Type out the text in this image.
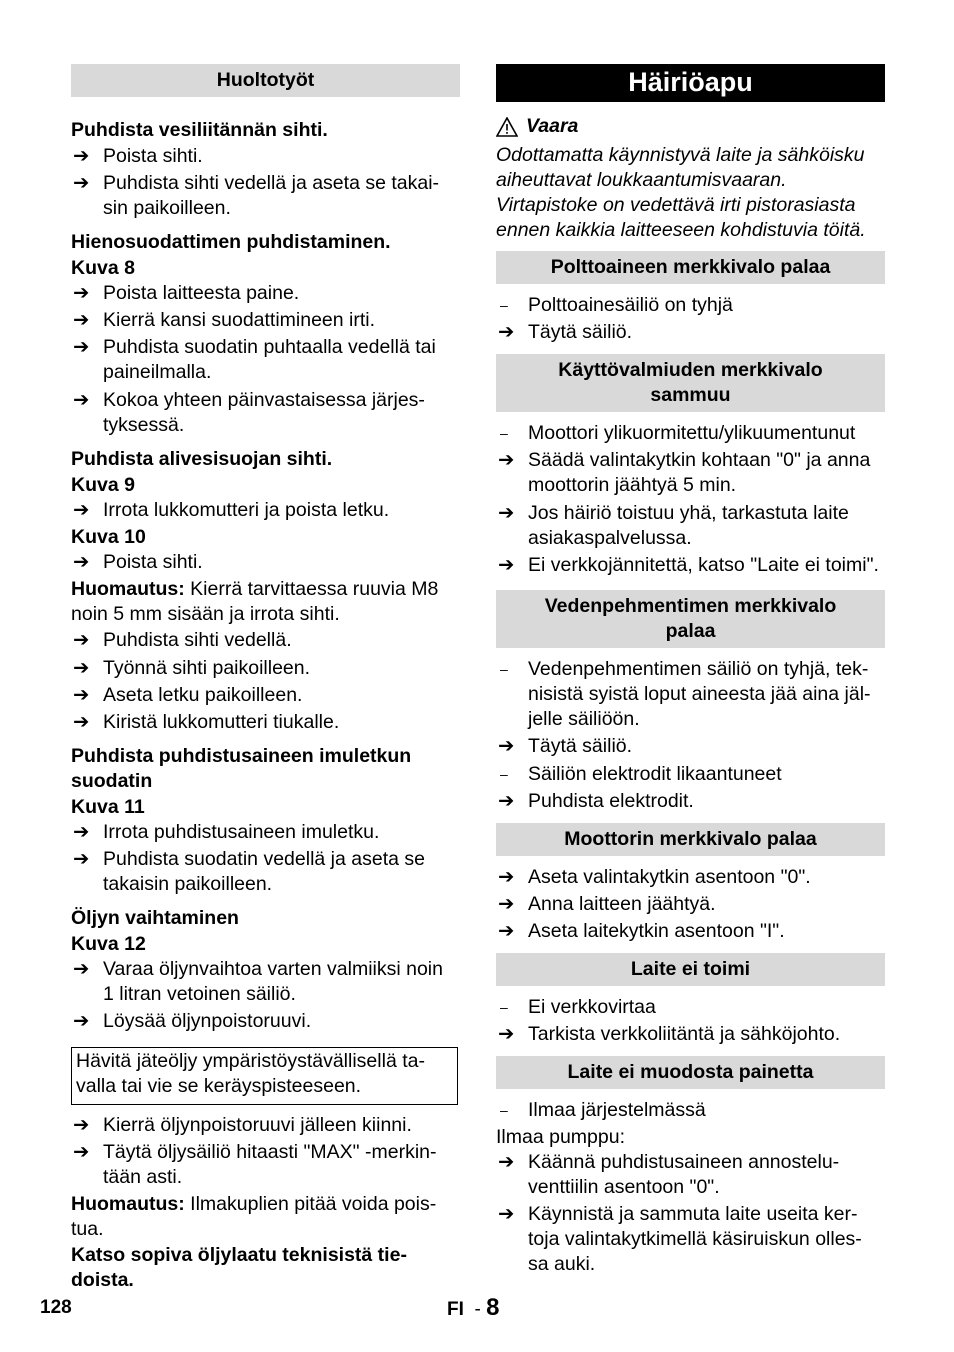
Huoltotyöt
Puhdista vesiliitännän sihti.
➔ Poista sihti.
➔ Puhdista sihti vedellä ja aseta se takai-
sin paikoilleen.
Hienosuodattimen puhdistaminen.
Kuva 8
➔ Poista laitteesta paine.
➔ Kierrä kansi suodattimineen irti.
➔ Puhdista suodatin puhtaalla vedellä tai
paineilmalla.
➔ Kokoa yhteen päinvastaisessa järjes-
tyksessä.
Puhdista alivesisuojan sihti.
Kuva 9
➔ Irrota lukkomutteri ja poista letku.
Kuva 10
➔ Poista sihti.
Huomautus: Kierrä tarvittaessa ruuvia M8
noin 5 mm sisään ja irrota sihti.
➔ Puhdista sihti vedellä.
➔ Työnnä sihti paikoilleen.
➔ Aseta letku paikoilleen.
➔ Kiristä lukkomutteri tiukalle.
Puhdista puhdistusaineen imuletkun
suodatin
Kuva 11
➔ Irrota puhdistusaineen imuletku.
➔ Puhdista suodatin vedellä ja aseta se
takaisin paikoilleen.
Öljyn vaihtaminen
Kuva 12
➔ Varaa öljynvaihtoa varten valmiiksi noin
1 litran vetoinen säiliö.
➔ Löysää öljynpoistoruuvi.
Hävitä jäteöljy ympäristöystävällisellä ta-
valla tai vie se keräyspisteeseen.
➔ Kierrä öljynpoistoruuvi jälleen kiinni.
➔ Täytä öljysäiliö hitaasti "MAX" -merkin-
tään asti.
Huomautus: Ilmakuplien pitää voida pois-
tua.
Katso sopiva öljylaatu teknisistä tie-
doista.
Häiriöapu
Vaara
Odottamatta käynnistyvä laite ja sähköisku
aiheuttavat loukkaantumisvaaran.
Virtapistoke on vedettävä irti pistorasiasta
ennen kaikkia laitteeseen kohdistuvia töitä.
Polttoaineen merkkivalo palaa
–	Polttoainesäiliö on tyhjä
➔ Täytä säiliö.
Käyttövalmiuden merkkivalo
sammuu
–	Moottori ylikuormitettu/ylikuumentunut
➔ Säädä valintakytkin kohtaan "0" ja anna
moottorin jäähtyä 5 min.
➔ Jos häiriö toistuu yhä, tarkastuta laite
asiakaspalvelussa.
➔ Ei verkkojännitettä, katso "Laite ei toimi".
Vedenpehmentimen merkkivalo
palaa
–	Vedenpehmentimen säiliö on tyhjä, tek-
nisistä syistä loput aineesta jää aina jäl-
jelle säiliöön.
➔ Täytä säiliö.
–	Säiliön elektrodit likaantuneet
➔ Puhdista elektrodit.
Moottorin merkkivalo palaa
➔ Aseta valintakytkin asentoon "0".
➔ Anna laitteen jäähtyä.
➔ Aseta laitekytkin asentoon "I".
Laite ei toimi
–	Ei verkkovirtaa
➔ Tarkista verkkoliitäntä ja sähköjohto.
Laite ei muodosta painetta
–	Ilmaa järjestelmässä
Ilmaa pumppu:
➔ Käännä puhdistusaineen annostelu-
venttiilin asentoon "0".
➔ Käynnistä ja sammuta laite useita ker-
toja valintakytkimellä käsiruiskun olles-
sa auki.
128	FI - 8
